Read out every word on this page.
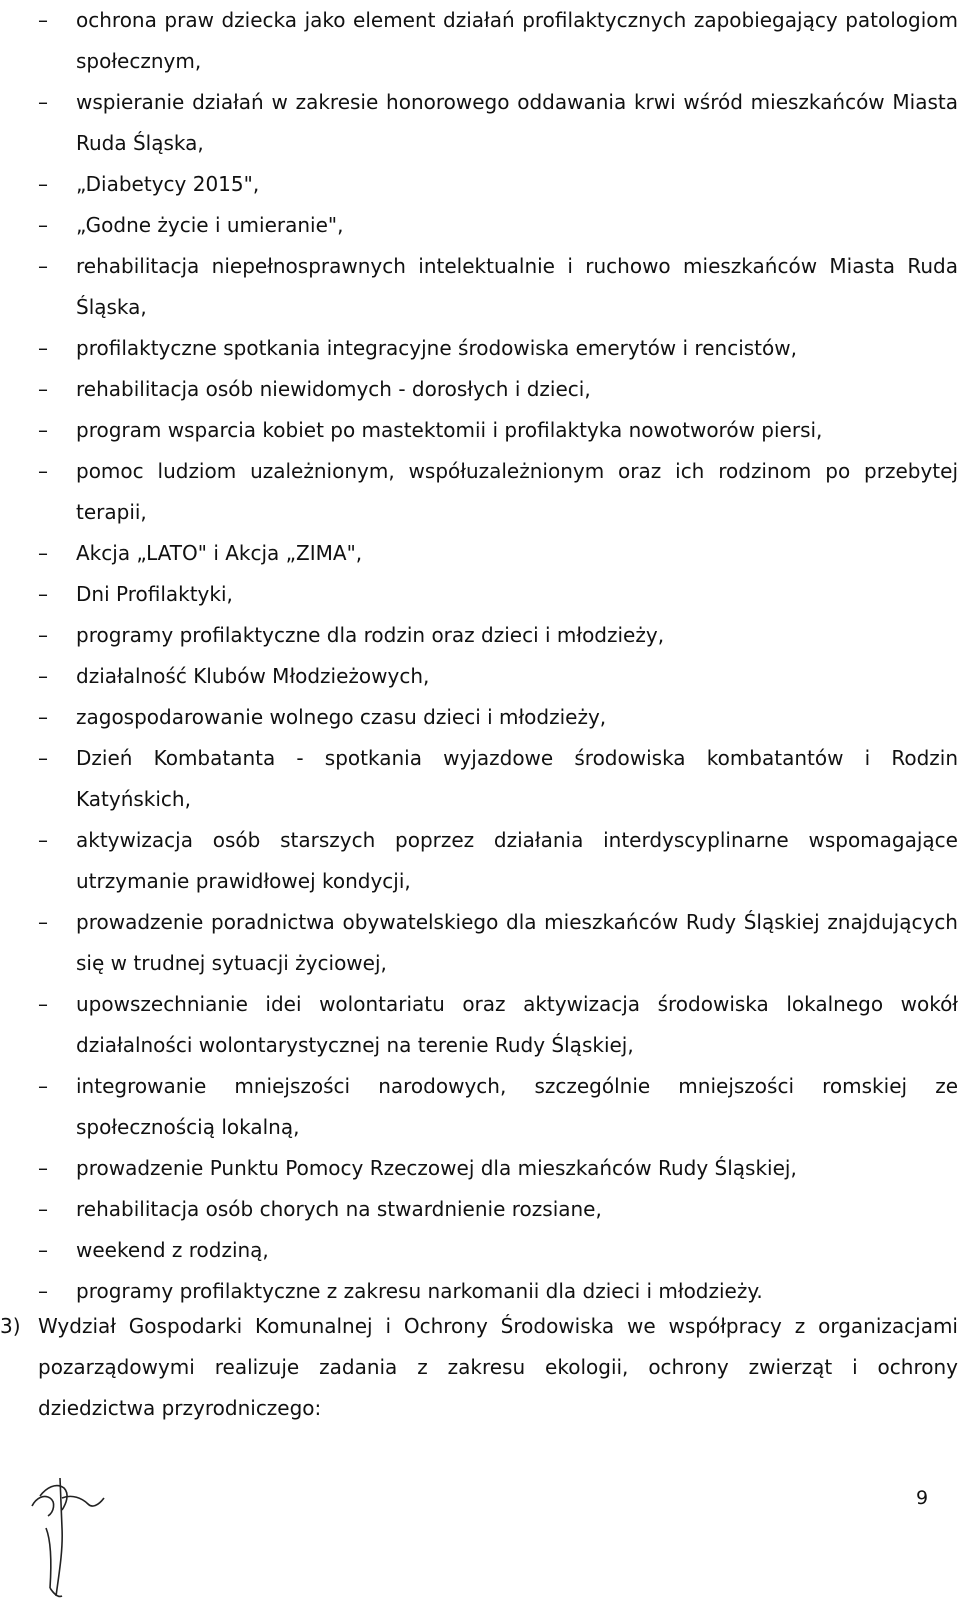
–	ochrona praw dziecka jako element działań profilaktycznych zapobiegający patologiom społecznym,
–	wspieranie działań w zakresie honorowego oddawania krwi wśród mieszkańców Miasta Ruda Śląska,
–	„Diabetycy 2015",
–	„Godne życie i umieranie",
–	rehabilitacja niepełnosprawnych intelektualnie i ruchowo mieszkańców Miasta Ruda Śląska,
–	profilaktyczne spotkania integracyjne środowiska emerytów i rencistów,
–	rehabilitacja osób niewidomych - dorosłych i dzieci,
–	program wsparcia kobiet po mastektomii i profilaktyka nowotworów piersi,
–	pomoc ludziom uzależnionym, współuzależnionym oraz ich rodzinom po przebytej terapii,
–	Akcja „LATO" i Akcja „ZIMA",
–	Dni Profilaktyki,
–	programy profilaktyczne dla rodzin oraz dzieci i młodzieży,
–	działalność Klubów Młodzieżowych,
–	zagospodarowanie wolnego czasu dzieci i młodzieży,
–	Dzień Kombatanta - spotkania wyjazdowe środowiska kombatantów i Rodzin Katyńskich,
–	aktywizacja osób starszych poprzez działania interdyscyplinarne wspomagające utrzymanie prawidłowej kondycji,
–	prowadzenie poradnictwa obywatelskiego dla mieszkańców Rudy Śląskiej znajdujących się w trudnej sytuacji życiowej,
–	upowszechnianie idei wolontariatu oraz aktywizacja środowiska lokalnego wokół działalności wolontarystycznej na terenie Rudy Śląskiej,
–	integrowanie mniejszości narodowych, szczególnie mniejszości romskiej ze społecznością lokalną,
–	prowadzenie Punktu Pomocy Rzeczowej dla mieszkańców Rudy Śląskiej,
–	rehabilitacja osób chorych na stwardnienie rozsiane,
–	weekend z rodziną,
–	programy profilaktyczne z zakresu narkomanii dla dzieci i młodzieży.
3) Wydział Gospodarki Komunalnej i Ochrony Środowiska we współpracy z organizacjami pozarządowymi realizuje zadania z zakresu ekologii, ochrony zwierząt i ochrony dziedzictwa przyrodniczego:
9
